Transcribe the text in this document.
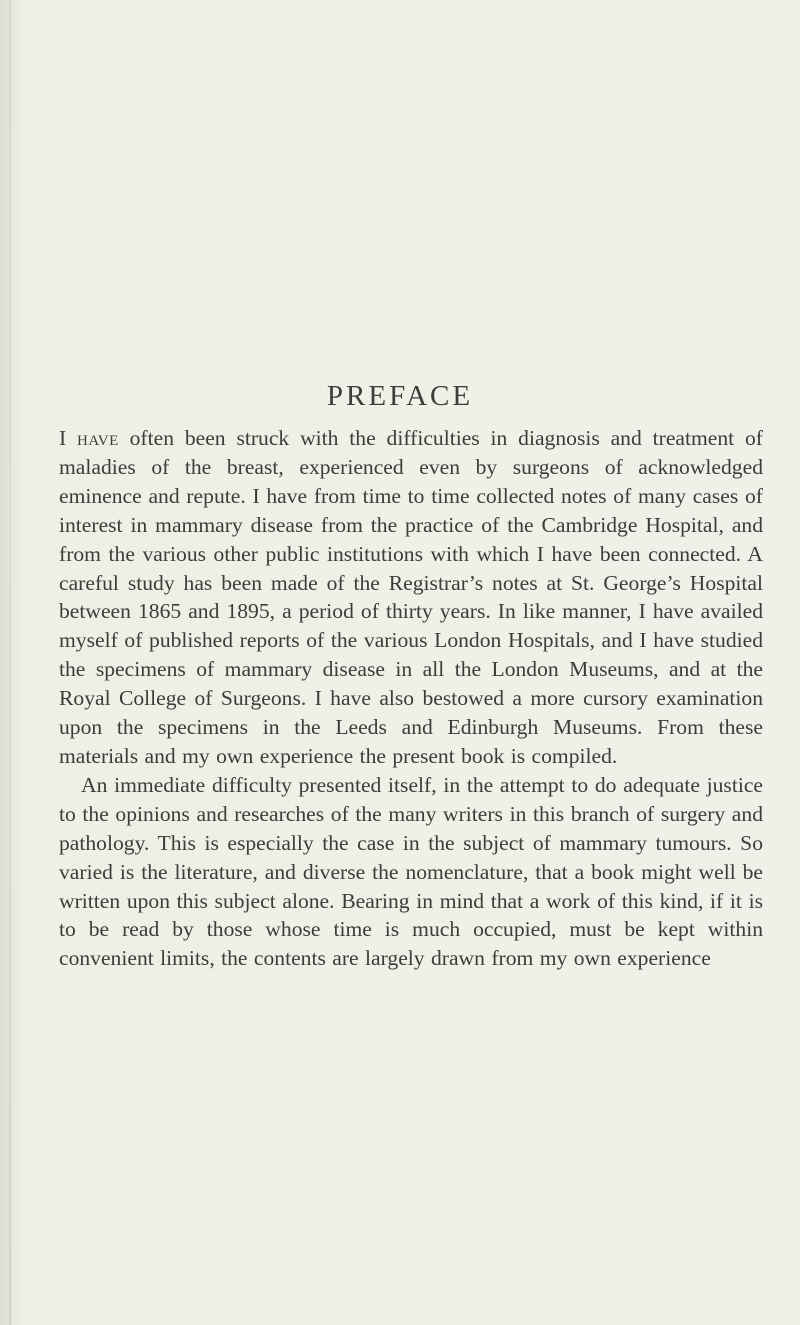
PREFACE

I have often been struck with the difficulties in diagnosis and treatment of maladies of the breast, experienced even by surgeons of acknowledged eminence and repute. I have from time to time collected notes of many cases of interest in mammary disease from the practice of the Cambridge Hospital, and from the various other public institutions with which I have been connected. A careful study has been made of the Registrar’s notes at St. George’s Hospital between 1865 and 1895, a period of thirty years. In like manner, I have availed myself of published reports of the various London Hospitals, and I have studied the specimens of mammary disease in all the London Museums, and at the Royal College of Surgeons. I have also bestowed a more cursory examination upon the specimens in the Leeds and Edinburgh Museums. From these materials and my own experience the present book is compiled.

An immediate difficulty presented itself, in the attempt to do adequate justice to the opinions and researches of the many writers in this branch of surgery and pathology. This is especially the case in the subject of mammary tumours. So varied is the literature, and diverse the nomenclature, that a book might well be written upon this subject alone. Bearing in mind that a work of this kind, if it is to be read by those whose time is much occupied, must be kept within convenient limits, the contents are largely drawn from my own experience
